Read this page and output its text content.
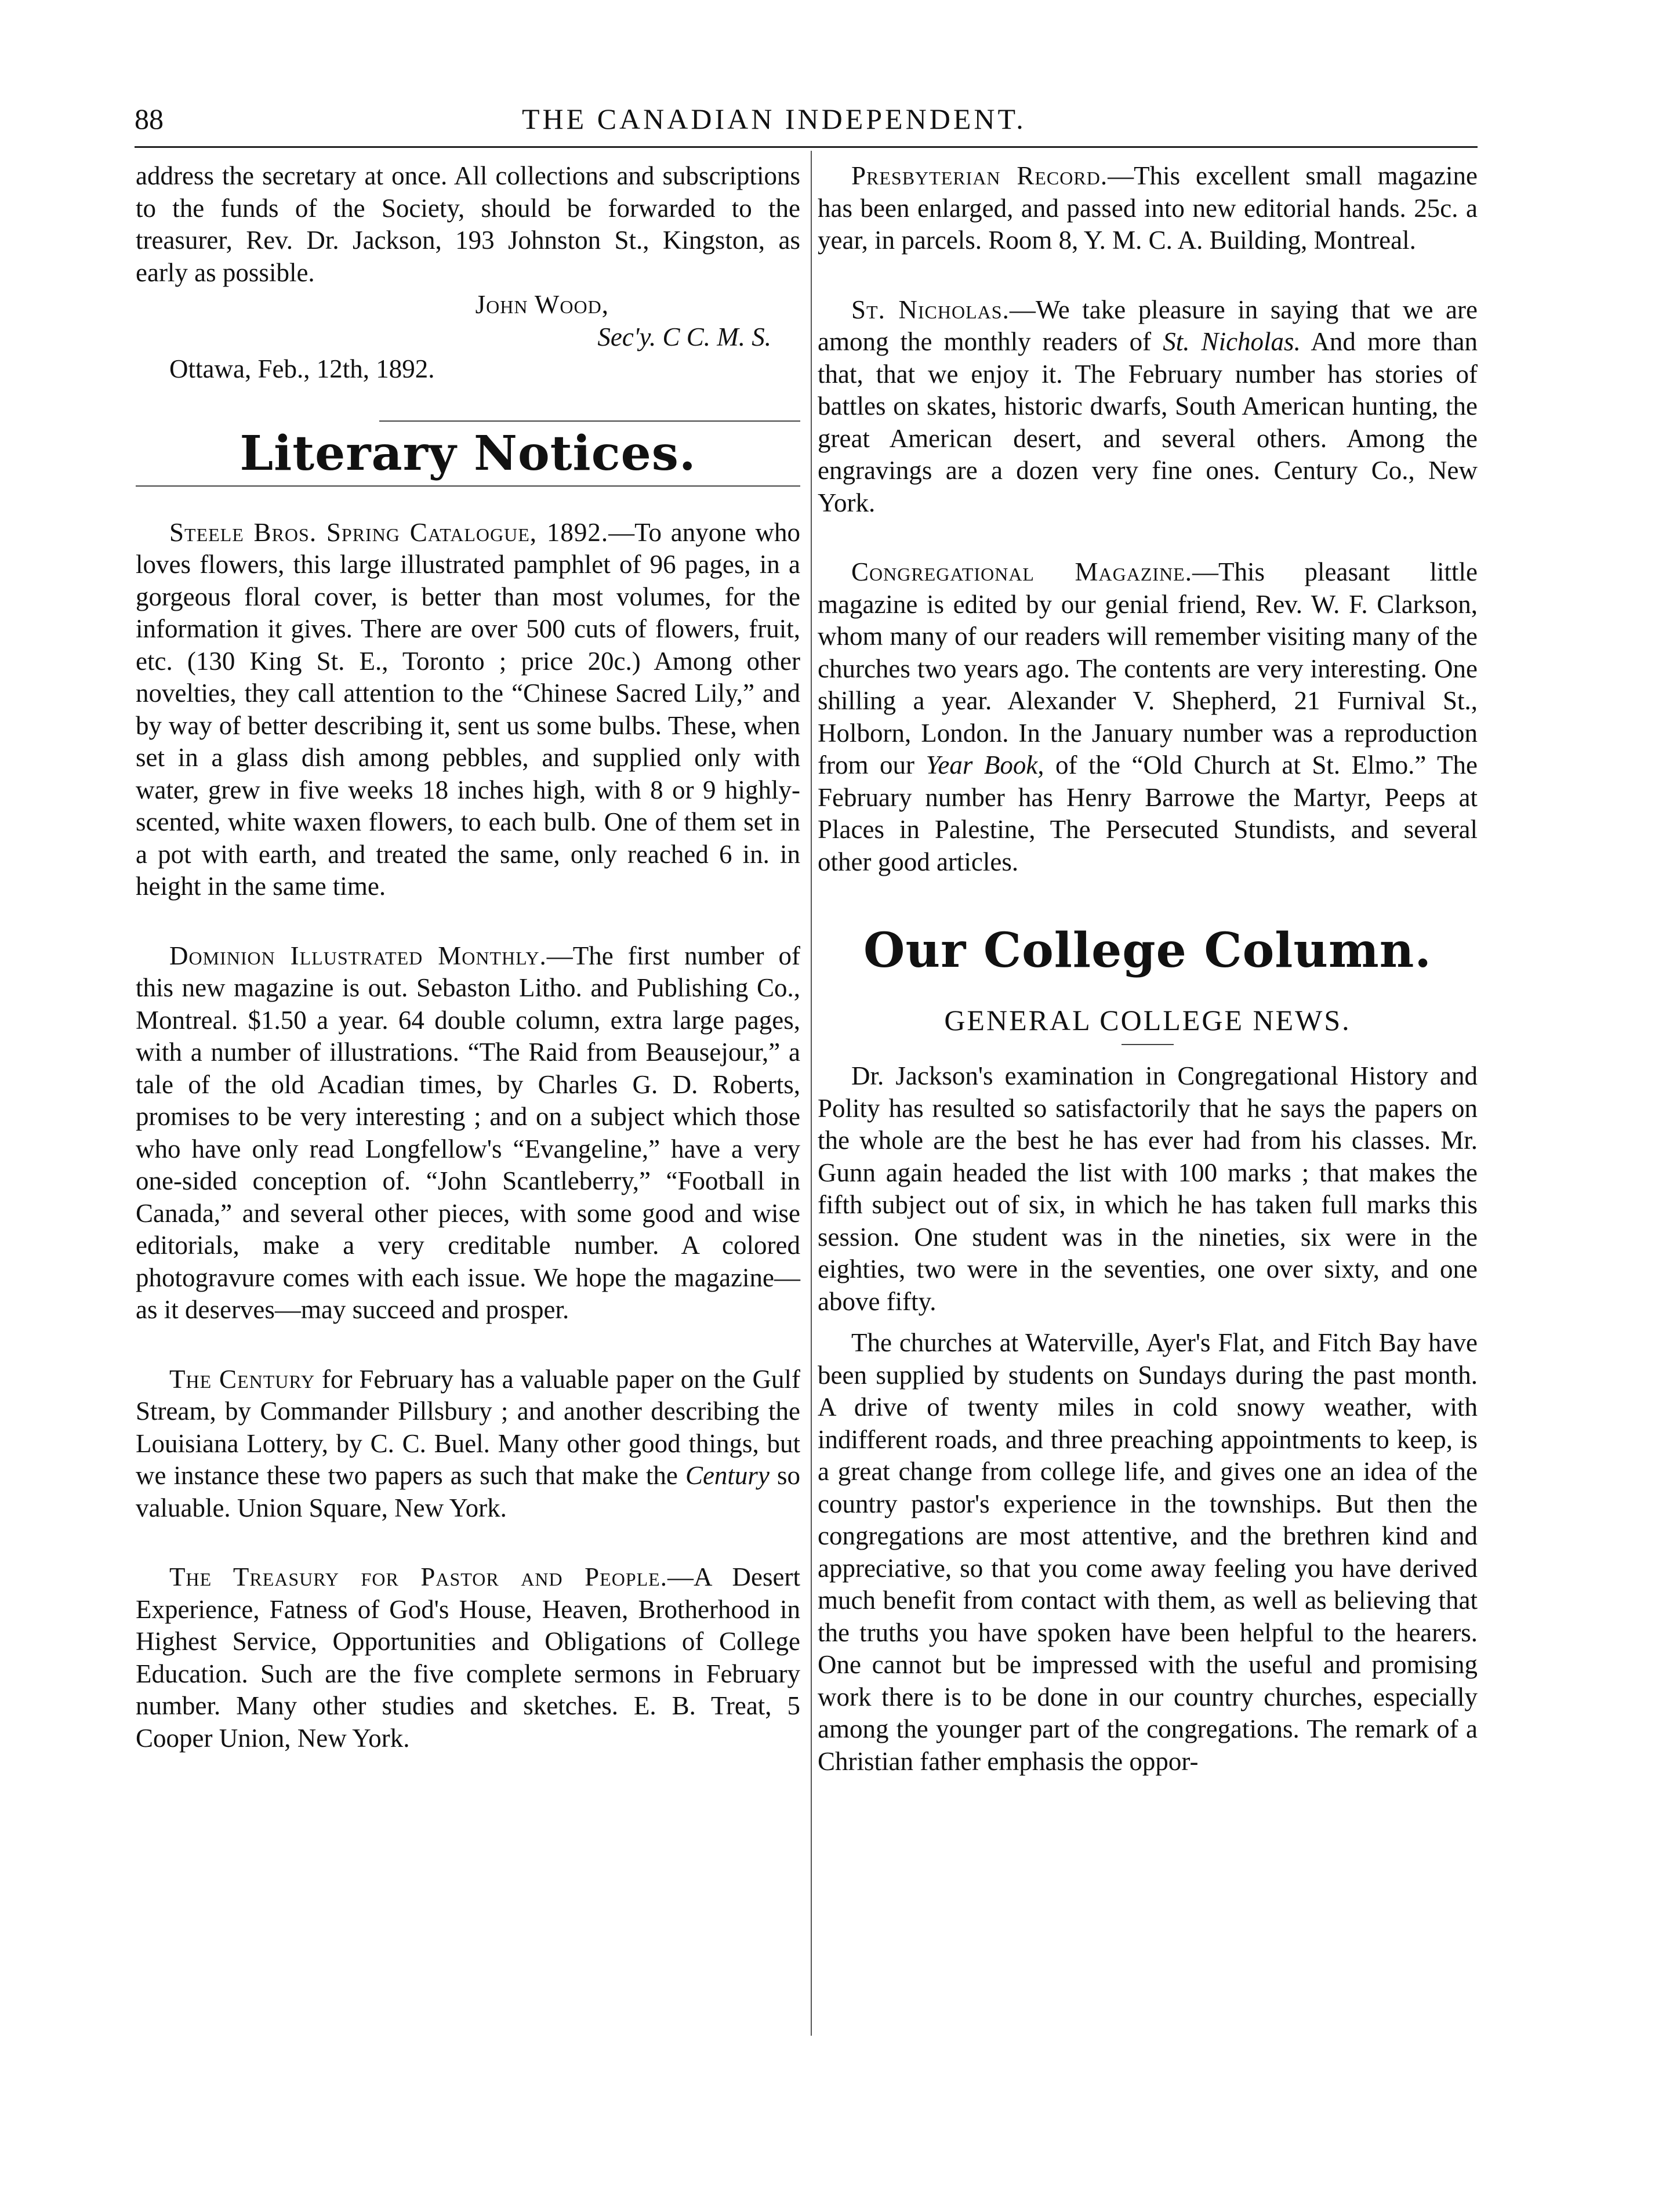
88	THE CANADIAN INDEPENDENT.

address the secretary at once. All collections and subscriptions to the funds of the Society, should be forwarded to the treasurer, Rev. Dr. Jackson, 193 Johnston St., Kingston, as early as possible.

John Wood,
Sec'y. C C. M. S.
Ottawa, Feb., 12th, 1892.
Literary Notices.

Steele Bros. Spring Catalogue, 1892.—To anyone who loves flowers, this large illustrated pamphlet of 96 pages, in a gorgeous floral cover, is better than most volumes, for the information it gives. There are over 500 cuts of flowers, fruit, etc. (130 King St. E., Toronto ; price 20c.) Among other novelties, they call attention to the “Chinese Sacred Lily,” and by way of better describing it, sent us some bulbs. These, when set in a glass dish among pebbles, and supplied only with water, grew in five weeks 18 inches high, with 8 or 9 highly-scented, white waxen flowers, to each bulb. One of them set in a pot with earth, and treated the same, only reached 6 in. in height in the same time.

Dominion Illustrated Monthly.—The first number of this new magazine is out. Sebaston Litho. and Publishing Co., Montreal. $1.50 a year. 64 double column, extra large pages, with a number of illustrations. “The Raid from Beausejour,” a tale of the old Acadian times, by Charles G. D. Roberts, promises to be very interesting ; and on a subject which those who have only read Longfellow's “Evangeline,” have a very one-sided conception of. “John Scantleberry,” “Football in Canada,” and several other pieces, with some good and wise editorials, make a very creditable number. A colored photogravure comes with each issue. We hope the magazine—as it deserves—may succeed and prosper.

The Century for February has a valuable paper on the Gulf Stream, by Commander Pillsbury ; and another describing the Louisiana Lottery, by C. C. Buel. Many other good things, but we instance these two papers as such that make the Century so valuable. Union Square, New York.

The Treasury for Pastor and People.—A Desert Experience, Fatness of God's House, Heaven, Brotherhood in Highest Service, Opportunities and Obligations of College Education. Such are the five complete sermons in February number. Many other studies and sketches. E. B. Treat, 5 Cooper Union, New York.

Presbyterian Record.—This excellent small magazine has been enlarged, and passed into new editorial hands. 25c. a year, in parcels. Room 8, Y. M. C. A. Building, Montreal.

St. Nicholas.—We take pleasure in saying that we are among the monthly readers of St. Nicholas. And more than that, that we enjoy it. The February number has stories of battles on skates, historic dwarfs, South American hunting, the great American desert, and several others. Among the engravings are a dozen very fine ones. Century Co., New York.

Congregational Magazine.—This pleasant little magazine is edited by our genial friend, Rev. W. F. Clarkson, whom many of our readers will remember visiting many of the churches two years ago. The contents are very interesting. One shilling a year. Alexander V. Shepherd, 21 Furnival St., Holborn, London. In the January number was a reproduction from our Year Book, of the “Old Church at St. Elmo.” The February number has Henry Barrowe the Martyr, Peeps at Places in Palestine, The Persecuted Stundists, and several other good articles.

Our College Column.
GENERAL COLLEGE NEWS.

Dr. Jackson's examination in Congregational History and Polity has resulted so satisfactorily that he says the papers on the whole are the best he has ever had from his classes. Mr. Gunn again headed the list with 100 marks ; that makes the fifth subject out of six, in which he has taken full marks this session. One student was in the nineties, six were in the eighties, two were in the seventies, one over sixty, and one above fifty.

The churches at Waterville, Ayer's Flat, and Fitch Bay have been supplied by students on Sundays during the past month. A drive of twenty miles in cold snowy weather, with indifferent roads, and three preaching appointments to keep, is a great change from college life, and gives one an idea of the country pastor's experience in the townships. But then the congregations are most attentive, and the brethren kind and appreciative, so that you come away feeling you have derived much benefit from contact with them, as well as believing that the truths you have spoken have been helpful to the hearers. One cannot but be impressed with the useful and promising work there is to be done in our country churches, especially among the younger part of the congregations. The remark of a Christian father emphasis the oppor-
